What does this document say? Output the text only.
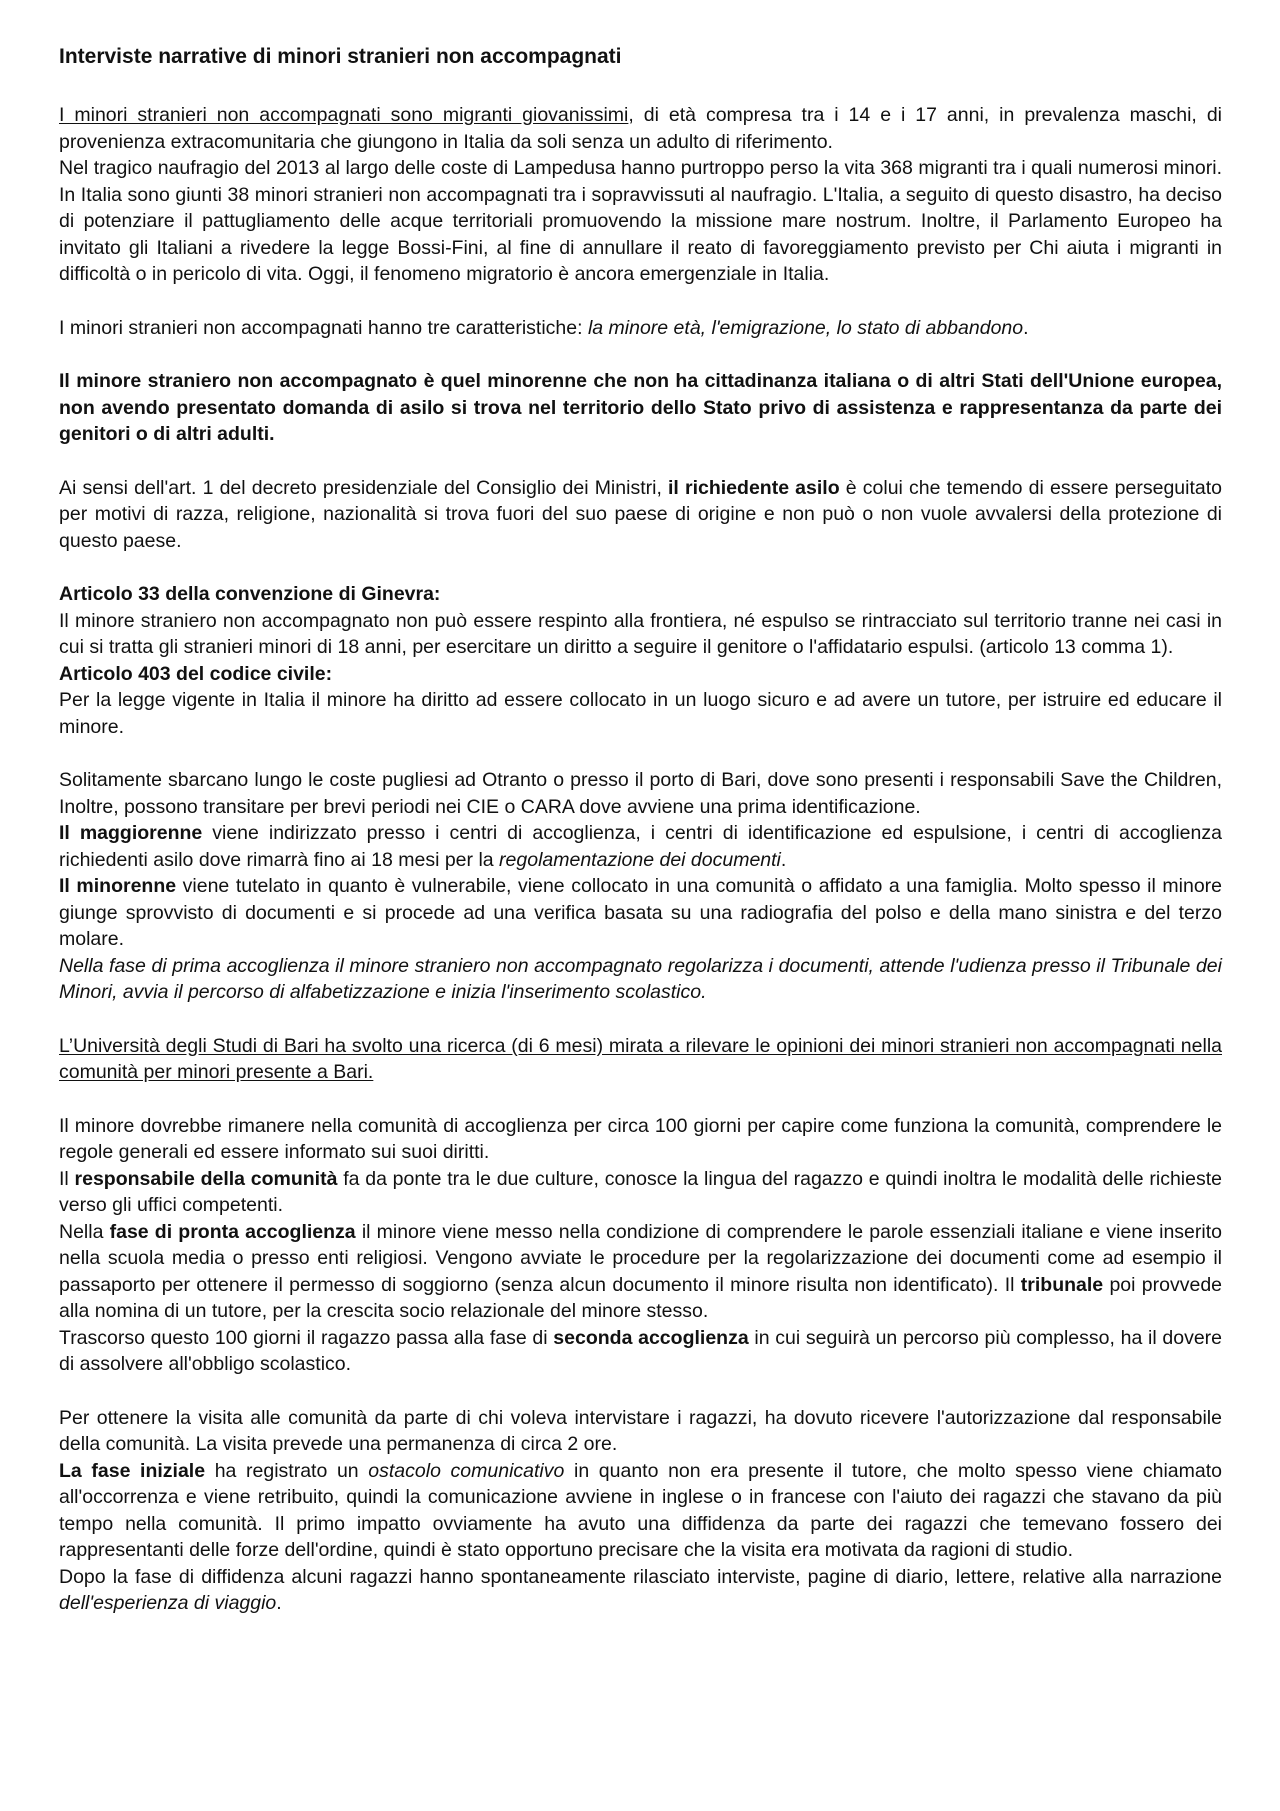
Interviste narrative di minori stranieri non accompagnati

I minori stranieri non accompagnati sono migranti giovanissimi, di età compresa tra i 14 e i 17 anni, in prevalenza maschi, di provenienza extracomunitaria che giungono in Italia da soli senza un adulto di riferimento.

Nel tragico naufragio del 2013 al largo delle coste di Lampedusa hanno purtroppo perso la vita 368 migranti tra i quali numerosi minori. In Italia sono giunti 38 minori stranieri non accompagnati tra i sopravvissuti al naufragio. L'Italia, a seguito di questo disastro, ha deciso di potenziare il pattugliamento delle acque territoriali promuovendo la missione mare nostrum. Inoltre, il Parlamento Europeo ha invitato gli Italiani a rivedere la legge Bossi-Fini, al fine di annullare il reato di favoreggiamento previsto per Chi aiuta i migranti in difficoltà o in pericolo di vita. Oggi, il fenomeno migratorio è ancora emergenziale in Italia.

I minori stranieri non accompagnati hanno tre caratteristiche: la minore età, l'emigrazione, lo stato di abbandono.

Il minore straniero non accompagnato è quel minorenne che non ha cittadinanza italiana o di altri Stati dell'Unione europea, non avendo presentato domanda di asilo si trova nel territorio dello Stato privo di assistenza e rappresentanza da parte dei genitori o di altri adulti.

Ai sensi dell'art. 1 del decreto presidenziale del Consiglio dei Ministri, il richiedente asilo è colui che temendo di essere perseguitato per motivi di razza, religione, nazionalità si trova fuori del suo paese di origine e non può o non vuole avvalersi della protezione di questo paese.

Articolo 33 della convenzione di Ginevra:

Il minore straniero non accompagnato non può essere respinto alla frontiera, né espulso se rintracciato sul territorio tranne nei casi in cui si tratta gli stranieri minori di 18 anni, per esercitare un diritto a seguire il genitore o l'affidatario espulsi. (articolo 13 comma 1).

Articolo 403 del codice civile:

Per la legge vigente in Italia il minore ha diritto ad essere collocato in un luogo sicuro e ad avere un tutore, per istruire ed educare il minore.

Solitamente sbarcano lungo le coste pugliesi ad Otranto o presso il porto di Bari, dove sono presenti i responsabili Save the Children, Inoltre, possono transitare per brevi periodi nei CIE o CARA dove avviene una prima identificazione.

Il maggiorenne viene indirizzato presso i centri di accoglienza, i centri di identificazione ed espulsione, i centri di accoglienza richiedenti asilo dove rimarrà fino ai 18 mesi per la regolamentazione dei documenti.

Il minorenne viene tutelato in quanto è vulnerabile, viene collocato in una comunità o affidato a una famiglia. Molto spesso il minore giunge sprovvisto di documenti e si procede ad una verifica basata su una radiografia del polso e della mano sinistra e del terzo molare.

Nella fase di prima accoglienza il minore straniero non accompagnato regolarizza i documenti, attende l'udienza presso il Tribunale dei Minori, avvia il percorso di alfabetizzazione e inizia l'inserimento scolastico.

L’Università degli Studi di Bari ha svolto una ricerca (di 6 mesi) mirata a rilevare le opinioni dei minori stranieri non accompagnati nella comunità per minori presente a Bari.

Il minore dovrebbe rimanere nella comunità di accoglienza per circa 100 giorni per capire come funziona la comunità, comprendere le regole generali ed essere informato sui suoi diritti.

Il responsabile della comunità fa da ponte tra le due culture, conosce la lingua del ragazzo e quindi inoltra le modalità delle richieste verso gli uffici competenti.

Nella fase di pronta accoglienza il minore viene messo nella condizione di comprendere le parole essenziali italiane e viene inserito nella scuola media o presso enti religiosi. Vengono avviate le procedure per la regolarizzazione dei documenti come ad esempio il passaporto per ottenere il permesso di soggiorno (senza alcun documento il minore risulta non identificato). Il tribunale poi provvede alla nomina di un tutore, per la crescita socio relazionale del minore stesso.

Trascorso questo 100 giorni il ragazzo passa alla fase di seconda accoglienza in cui seguirà un percorso più complesso, ha il dovere di assolvere all'obbligo scolastico.

Per ottenere la visita alle comunità da parte di chi voleva intervistare i ragazzi, ha dovuto ricevere l'autorizzazione dal responsabile della comunità. La visita prevede una permanenza di circa 2 ore.

La fase iniziale ha registrato un ostacolo comunicativo in quanto non era presente il tutore, che molto spesso viene chiamato all'occorrenza e viene retribuito, quindi la comunicazione avviene in inglese o in francese con l'aiuto dei ragazzi che stavano da più tempo nella comunità. Il primo impatto ovviamente ha avuto una diffidenza da parte dei ragazzi che temevano fossero dei rappresentanti delle forze dell'ordine, quindi è stato opportuno precisare che la visita era motivata da ragioni di studio.

Dopo la fase di diffidenza alcuni ragazzi hanno spontaneamente rilasciato interviste, pagine di diario, lettere, relative alla narrazione dell'esperienza di viaggio.
